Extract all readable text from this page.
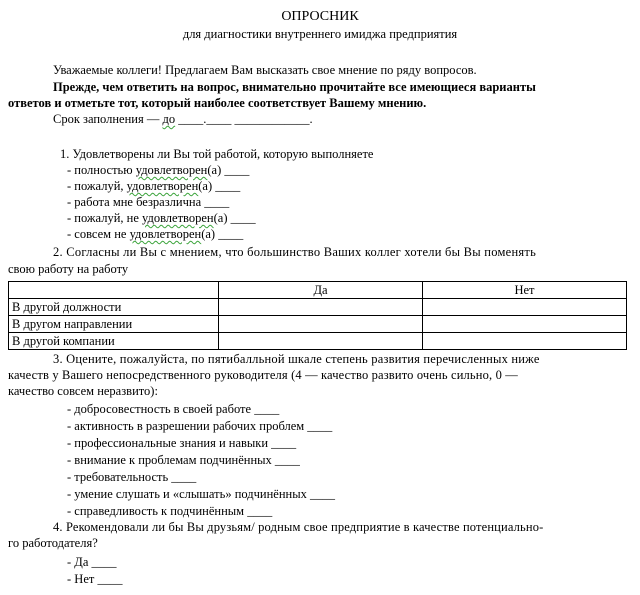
ОПРОСНИК
для диагностики внутреннего имиджа предприятия
Уважаемые коллеги! Предлагаем Вам высказать свое мнение по ряду вопросов.
Прежде, чем ответить на вопрос, внимательно прочитайте все имеющиеся варианты
ответов и отметьте тот, который наиболее соответствует Вашему мнению.
Срок заполнения — до ____.____ ____________.
1. Удовлетворены ли Вы той работой, которую выполняете
- полностью удовлетворен(а) ____
- пожалуй, удовлетворен(а) ____
- работа мне безразлична ____
- пожалуй, не удовлетворен(а) ____
- совсем не удовлетворен(а) ____
2. Согласны ли Вы с мнением, что большинство Ваших коллег хотели бы Вы поменять
свою работу на работу
	Да	Нет
В другой должности		
В другом направлении		
В другой компании		
3. Оцените, пожалуйста, по пятибалльной шкале степень развития перечисленных ниже
качеств у Вашего непосредственного руководителя (4 — качество развито очень сильно, 0 —
качество совсем неразвито):
- добросовестность в своей работе ____
- активность в разрешении рабочих проблем ____
- профессиональные знания и навыки ____
- внимание к проблемам подчинённых ____
- требовательность ____
- умение слушать и «слышать» подчинённых ____
- справедливость к подчинённым ____
4. Рекомендовали ли бы Вы друзьям/ родным свое предприятие в качестве потенциально-
го работодателя?
- Да ____
- Нет ____
